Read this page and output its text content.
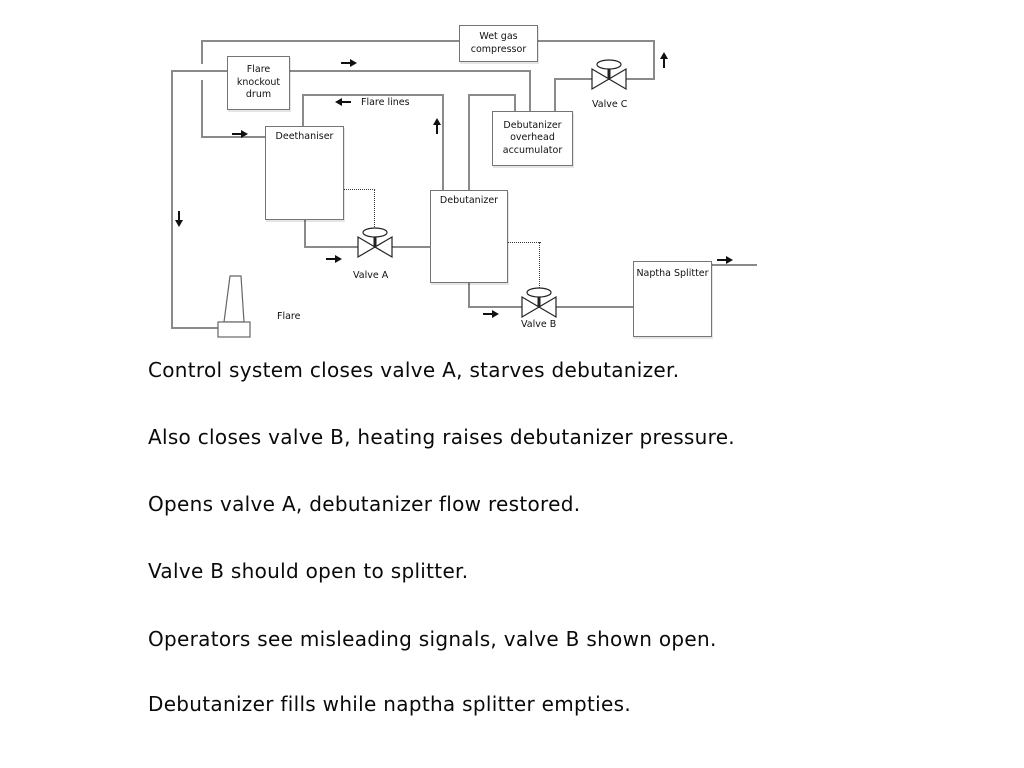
Wet gas compressor
Flare knockout drum
Deethaniser
Debutanizer overhead accumulator
Debutanizer
Naptha Splitter
Valve A
Valve B
Valve C
Flare
Flare lines
Control system closes valve A, starves debutanizer.
Also closes valve B, heating raises debutanizer pressure.
Opens valve A, debutanizer flow restored.
Valve B should open to splitter.
Operators see misleading signals, valve B shown open.
Debutanizer fills while naptha splitter empties.
